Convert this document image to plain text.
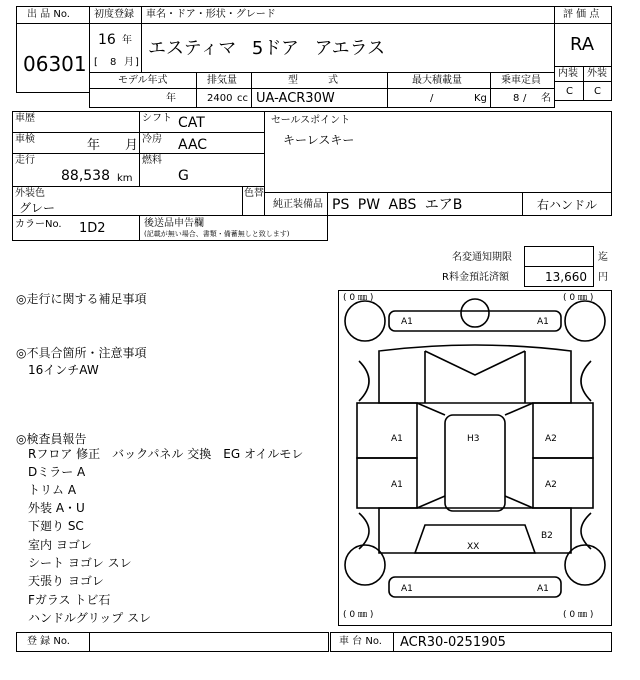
出 品 No.
06301
初度登録 車名・ドア・形状・グレード
16 年
[ 8 月 ]
エスティマ 5ドア アエラス
評 価 点
RA
内装 外装
C C
モデル年式	排気量	型　　　式	最大積載量	乗車定員
年	2400 cc UA-ACR30W	/	Kg	8 / 名
車歴
車検	年 月
走行
88,538 km
シフト CAT
冷房 AAC
燃料
G
セールスポイント
キーレスキー
外装色
グレー
色替
純正装備品 PS PW ABS エアB	右ハンドル
カラーNo. 1D2	後送品申告欄
(記載が無い場合、書類・備蓄無しと致します)
名変通知期限	迄
R料金預託済額	13,660 円
◎走行に関する補足事項
◎不具合箇所・注意事項
16インチAW
◎検査員報告
Rフロア 修正　バックパネル 交換　EG オイルモレ
Dミラー A
トリム A
外装 A・U
下廻り SC
室内 ヨゴレ
シート ヨゴレ スレ
天張り ヨゴレ
Fガラス トビ石
ハンドルグリップ スレ
( 0 ㎜ )	( 0 ㎜ )
( 0 ㎜ )	( 0 ㎜ )
A1	A1
A1
A1
H3	A2
A2
B2
XX
A1	A1
登 録 No.	車 台 No. ACR30-0251905
